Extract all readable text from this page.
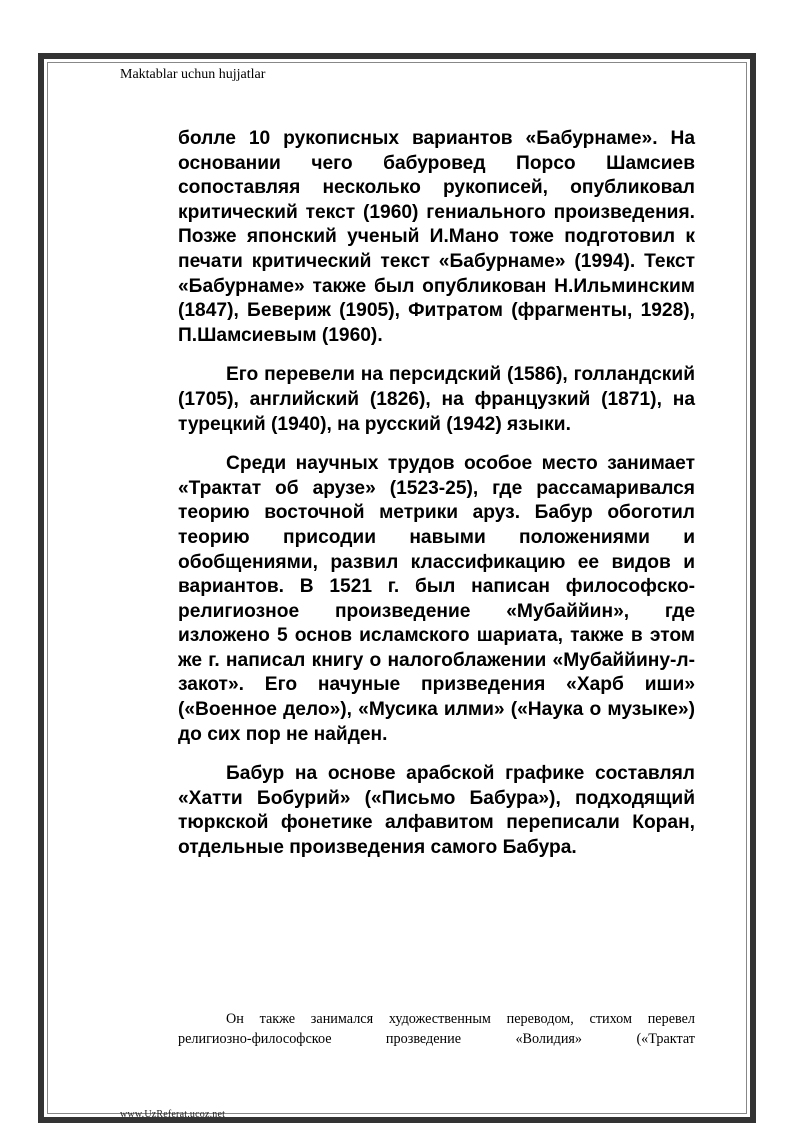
Maktablar uchun hujjatlar

болле 10 рукописных вариантов «Бабурнаме». На основании чего бабуровед Порсо Шамсиев сопоставляя несколько рукописей, опубликовал критический текст (1960) гениального произведения. Позже японский ученый И.Мано тоже подготовил к печати критический текст «Бабурнаме» (1994). Текст «Бабурнаме» также был опубликован Н.Ильминским (1847), Бевериж (1905), Фитратом (фрагменты, 1928), П.Шамсиевым (1960).

Его перевели на персидский (1586), голландский (1705), английский (1826), на французкий (1871), на турецкий (1940), на русский (1942) языки.

Среди научных трудов особое место занимает «Трактат об арузе» (1523-25), где рассамаривался теорию восточной метрики аруз. Бабур обоготил теорию присодии навыми положениями и обобщениями, развил классификацию ее видов и вариантов. В 1521 г. был написан философско-религиозное произведение «Мубаййин», где изложено 5 основ исламского шариата, также в этом же г. написал книгу о налогоблажении «Мубаййину-л-закот». Его начуные призведения «Харб иши» («Военное дело»), «Мусика илми» («Наука о музыке») до сих пор не найден.

Бабур на основе арабской графике составлял «Хатти Бобурий» («Письмо Бабура»), подходящий тюркской фонетике алфавитом переписали Коран, отдельные произведения самого Бабура.

Он также занимался художественным переводом, стихом перевел религиозно-философское прозведение «Волидия» («Трактат

www.UzReferat.ucoz.net
